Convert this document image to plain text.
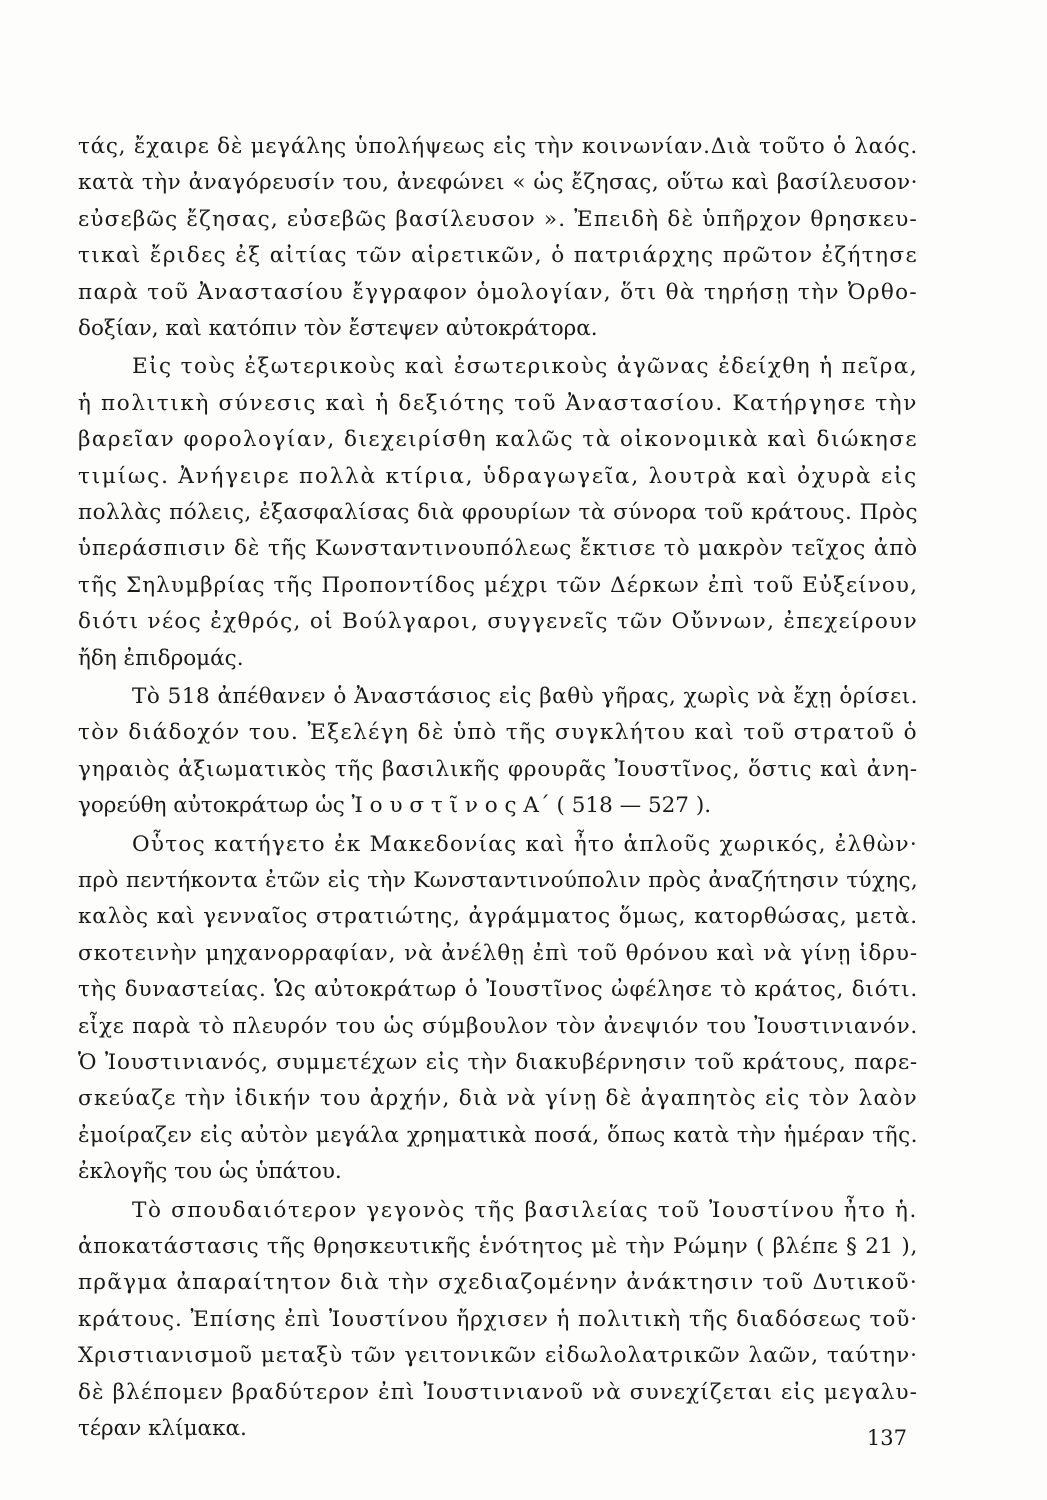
τάς, ἔχαιρε δὲ μεγάλης ὑπολήψεως εἰς τὴν κοινωνίαν.Διὰ τοῦτο ὁ λαός.
κατὰ τὴν ἀναγόρευσίν του, ἀνεφώνει « ὡς ἔζησας, οὕτω καὶ βασίλευσον·
εὐσεβῶς ἔζησας, εὐσεβῶς βασίλευσον ». Ἐπειδὴ δὲ ὑπῆρχον θρησκευ-
τικαὶ ἔριδες ἐξ αἰτίας τῶν αἱρετικῶν, ὁ πατριάρχης πρῶτον ἐζήτησε
παρὰ τοῦ Ἀναστασίου ἔγγραφον ὁμολογίαν, ὅτι θὰ τηρήσῃ τὴν Ὀρθο-
δοξίαν, καὶ κατόπιν τὸν ἔστεψεν αὐτοκράτορα.
Εἰς τοὺς ἐξωτερικοὺς καὶ ἐσωτερικοὺς ἀγῶνας ἐδείχθη ἡ πεῖρα,
ἡ πολιτικὴ σύνεσις καὶ ἡ δεξιότης τοῦ Ἀναστασίου. Κατήργησε τὴν
βαρεῖαν φορολογίαν, διεχειρίσθη καλῶς τὰ οἰκονομικὰ καὶ διώκησε
τιμίως. Ἀνήγειρε πολλὰ κτίρια, ὑδραγωγεῖα, λουτρὰ καὶ ὀχυρὰ εἰς
πολλὰς πόλεις, ἐξασφαλίσας διὰ φρουρίων τὰ σύνορα τοῦ κράτους. Πρὸς
ὑπεράσπισιν δὲ τῆς Κωνσταντινουπόλεως ἔκτισε τὸ μακρὸν τεῖχος ἀπὸ
τῆς Σηλυμβρίας τῆς Προποντίδος μέχρι τῶν Δέρκων ἐπὶ τοῦ Εὐξείνου,
διότι νέος ἐχθρός, οἱ Βούλγαροι, συγγενεῖς τῶν Οὔννων, ἐπεχείρουν
ἤδη ἐπιδρομάς.
Τὸ 518 ἀπέθανεν ὁ Ἀναστάσιος εἰς βαθὺ γῆρας, χωρὶς νὰ ἔχῃ ὁρίσει.
τὸν διάδοχόν του. Ἐξελέγη δὲ ὑπὸ τῆς συγκλήτου καὶ τοῦ στρατοῦ ὁ
γηραιὸς ἀξιωματικὸς τῆς βασιλικῆς φρουρᾶς Ἰουστῖνος, ὅστις καὶ ἀνη-
γορεύθη αὐτοκράτωρ ὡς Ἰ ο υ σ τ ῖ ν ο ς Α΄ ( 518 — 527 ).
Οὗτος κατήγετο ἐκ Μακεδονίας καὶ ἦτο ἁπλοῦς χωρικός, ἐλθὼν·
πρὸ πεντήκοντα ἐτῶν εἰς τὴν Κωνσταντινούπολιν πρὸς ἀναζήτησιν τύχης,
καλὸς καὶ γενναῖος στρατιώτης, ἀγράμματος ὅμως, κατορθώσας, μετὰ.
σκοτεινὴν μηχανορραφίαν, νὰ ἀνέλθῃ ἐπὶ τοῦ θρόνου καὶ νὰ γίνῃ ἱδρυ-
τὴς δυναστείας. Ὡς αὐτοκράτωρ ὁ Ἰουστῖνος ὠφέλησε τὸ κράτος, διότι.
εἶχε παρὰ τὸ πλευρόν του ὡς σύμβουλον τὸν ἀνεψιόν του Ἰουστινιανόν.
Ὁ Ἰουστινιανός, συμμετέχων εἰς τὴν διακυβέρνησιν τοῦ κράτους, παρε-
σκεύαζε τὴν ἰδικήν του ἀρχήν, διὰ νὰ γίνῃ δὲ ἀγαπητὸς εἰς τὸν λαὸν
ἐμοίραζεν εἰς αὐτὸν μεγάλα χρηματικὰ ποσά, ὅπως κατὰ τὴν ἡμέραν τῆς.
ἐκλογῆς του ὡς ὑπάτου.
Τὸ σπουδαιότερον γεγονὸς τῆς βασιλείας τοῦ Ἰουστίνου ἦτο ἡ.
ἀποκατάστασις τῆς θρησκευτικῆς ἑνότητος μὲ τὴν Ρώμην ( βλέπε § 21 ),
πρᾶγμα ἀπαραίτητον διὰ τὴν σχεδιαζομένην ἀνάκτησιν τοῦ Δυτικοῦ·
κράτους. Ἐπίσης ἐπὶ Ἰουστίνου ἤρχισεν ἡ πολιτικὴ τῆς διαδόσεως τοῦ·
Χριστιανισμοῦ μεταξὺ τῶν γειτονικῶν εἰδωλολατρικῶν λαῶν, ταύτην·
δὲ βλέπομεν βραδύτερον ἐπὶ Ἰουστινιανοῦ νὰ συνεχίζεται εἰς μεγαλυ-
τέραν κλίμακα.	137
